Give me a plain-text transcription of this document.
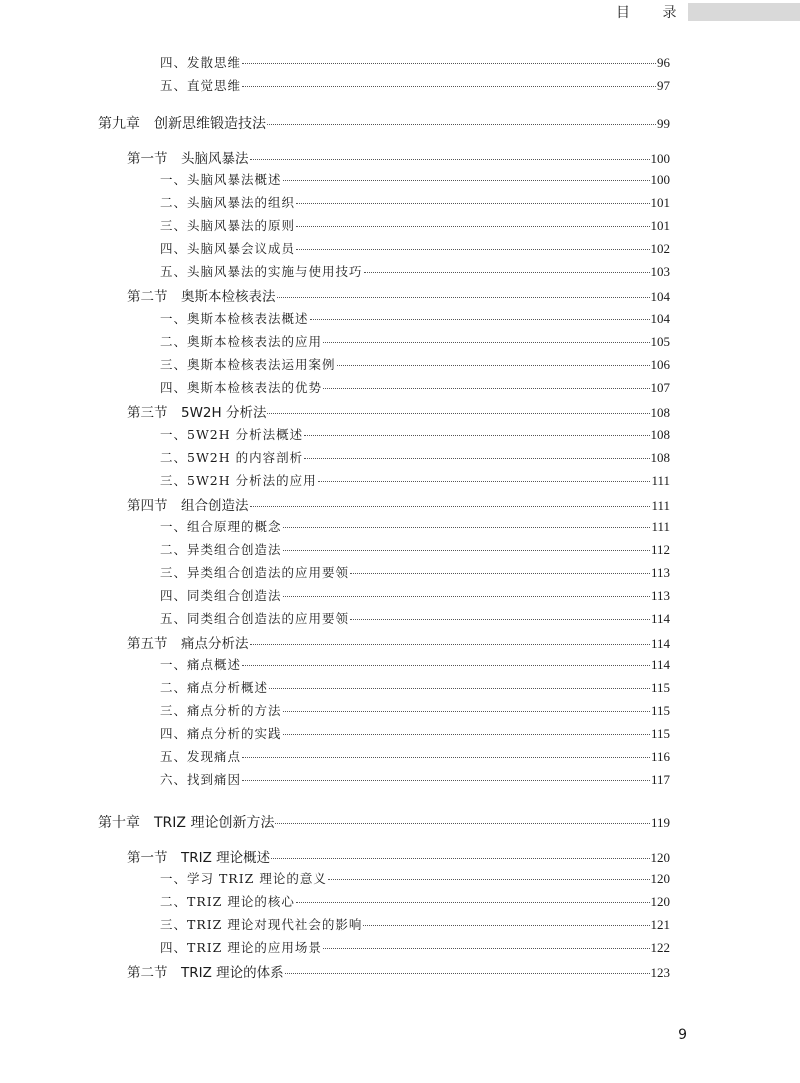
目 录
四、发散思维	96
五、直觉思维	97
第九章　创新思维锻造技法	99
第一节　头脑风暴法	100
一、头脑风暴法概述	100
二、头脑风暴法的组织	101
三、头脑风暴法的原则	101
四、头脑风暴会议成员	102
五、头脑风暴法的实施与使用技巧	103
第二节　奥斯本检核表法	104
一、奥斯本检核表法概述	104
二、奥斯本检核表法的应用	105
三、奥斯本检核表法运用案例	106
四、奥斯本检核表法的优势	107
第三节　5W2H 分析法	108
一、5W2H 分析法概述	108
二、5W2H 的内容剖析	108
三、5W2H 分析法的应用	111
第四节　组合创造法	111
一、组合原理的概念	111
二、异类组合创造法	112
三、异类组合创造法的应用要领	113
四、同类组合创造法	113
五、同类组合创造法的应用要领	114
第五节　痛点分析法	114
一、痛点概述	114
二、痛点分析概述	115
三、痛点分析的方法	115
四、痛点分析的实践	115
五、发现痛点	116
六、找到痛因	117
第十章　TRIZ 理论创新方法	119
第一节　TRIZ 理论概述	120
一、学习 TRIZ 理论的意义	120
二、TRIZ 理论的核心	120
三、TRIZ 理论对现代社会的影响	121
四、TRIZ 理论的应用场景	122
第二节　TRIZ 理论的体系	123
9
